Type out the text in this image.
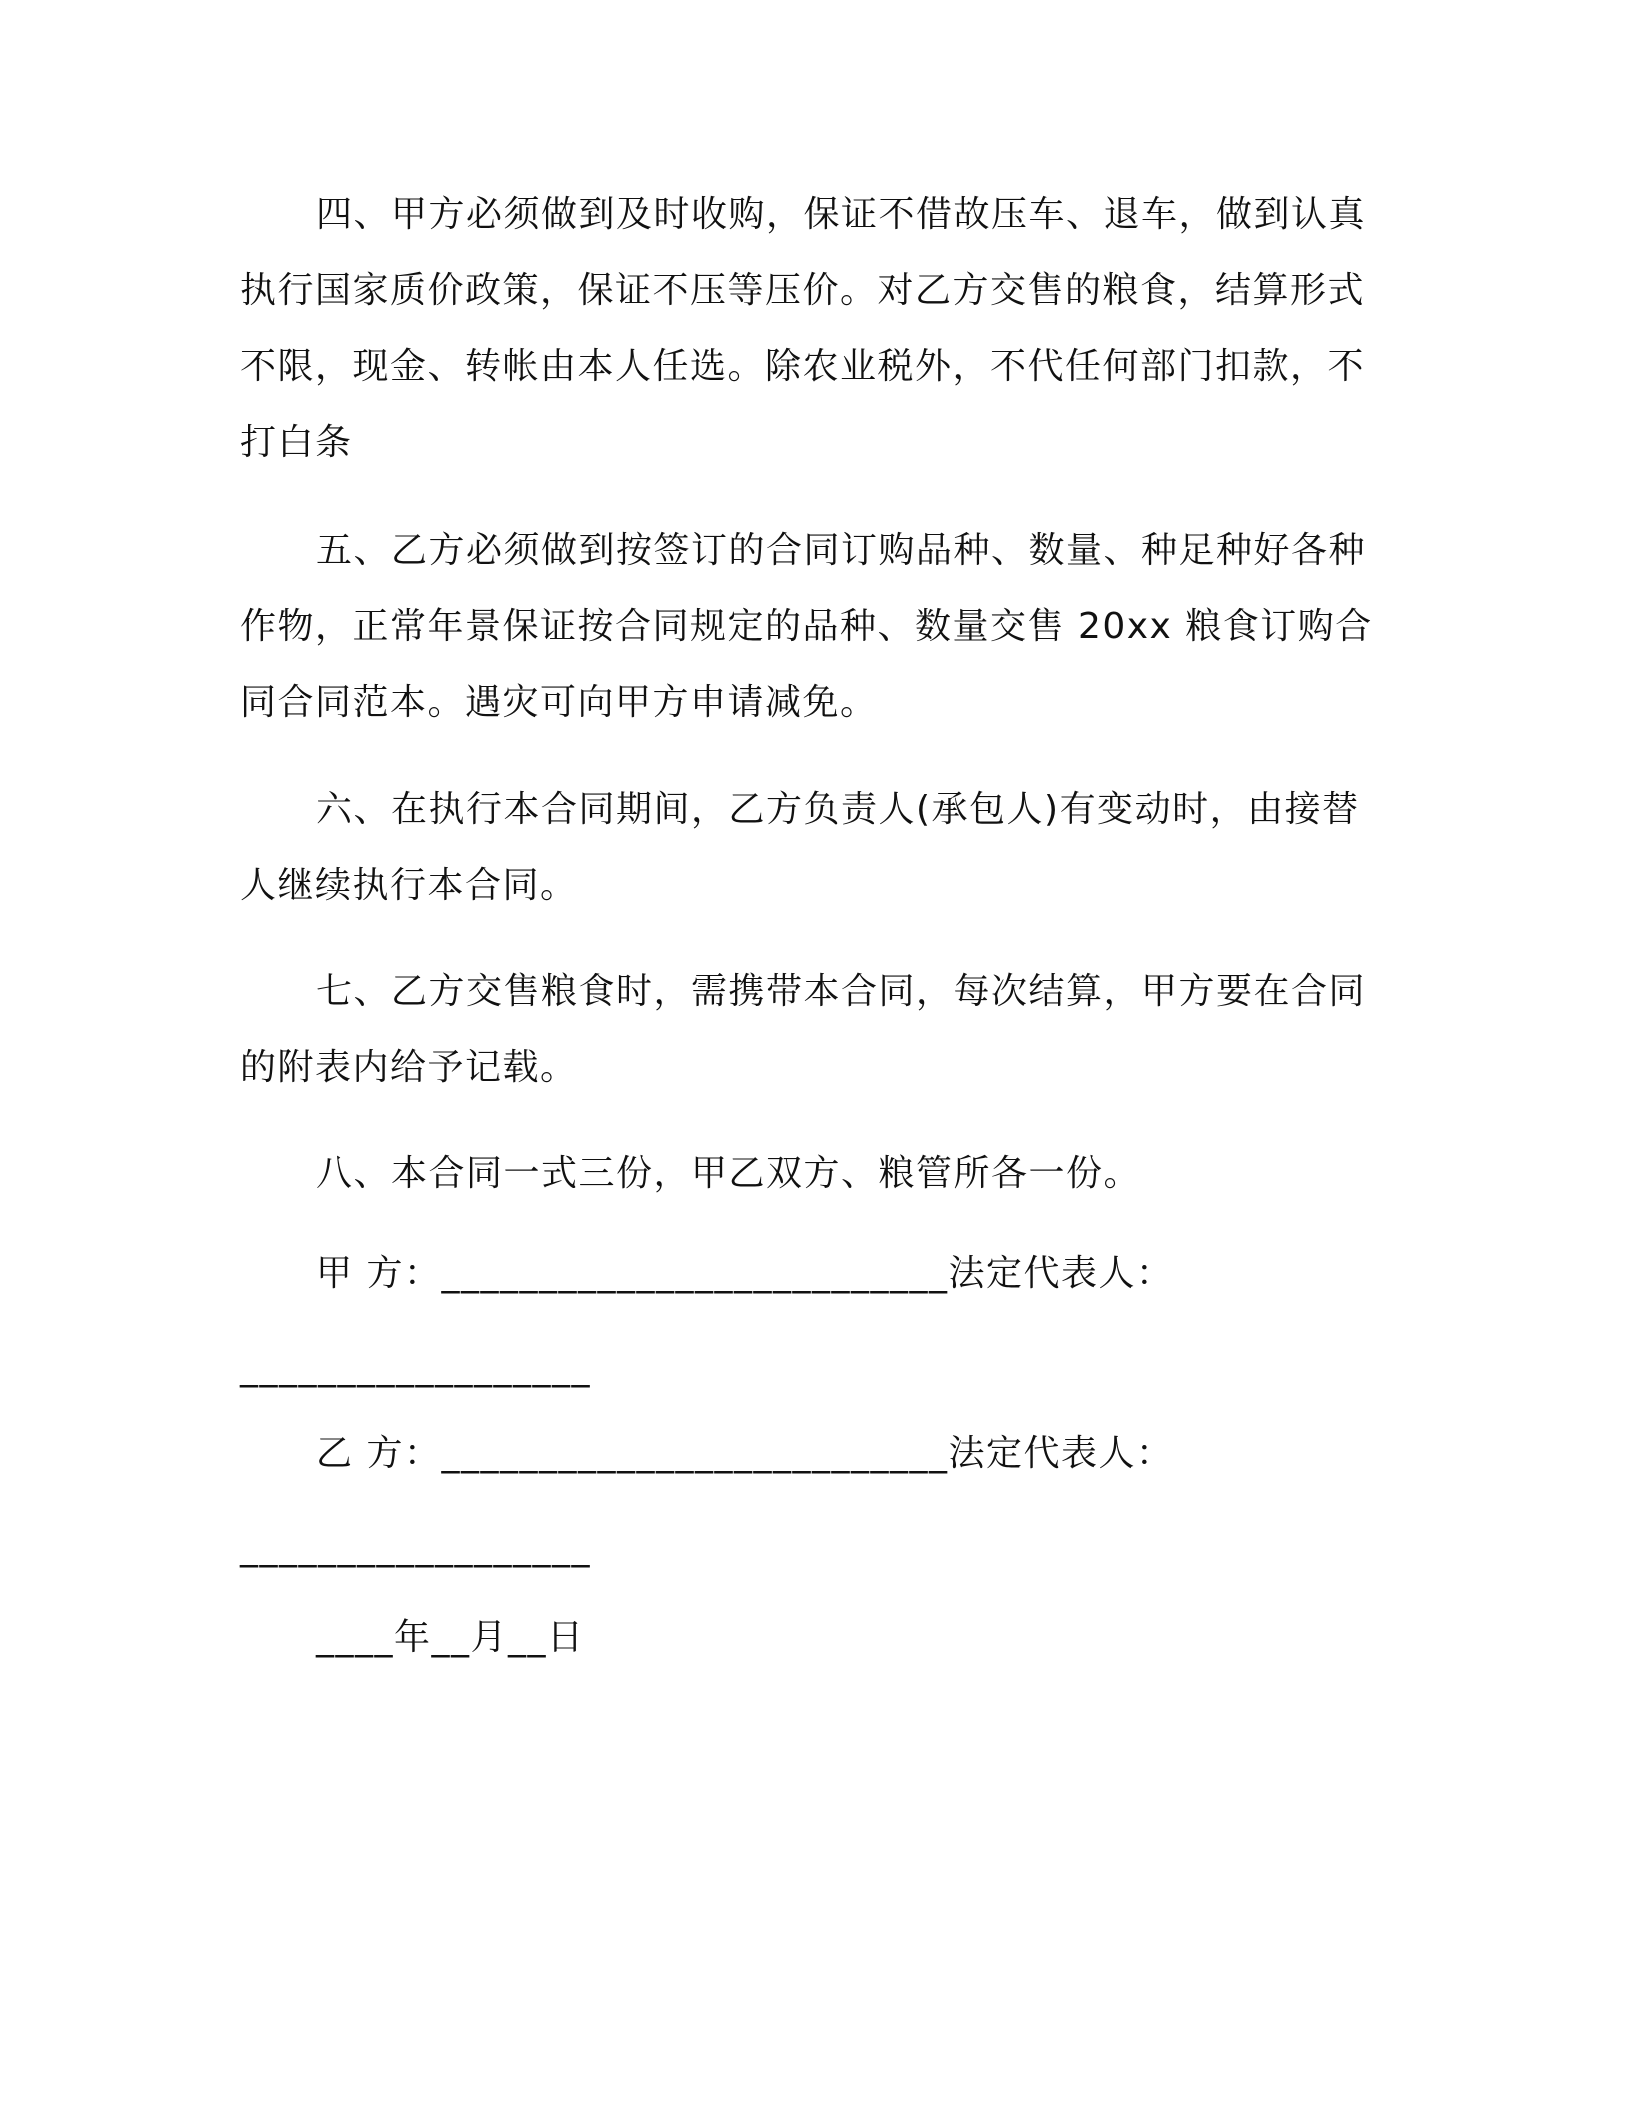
四、甲方必须做到及时收购，保证不借故压车、退车，做到认真执行国家质价政策，保证不压等压价。对乙方交售的粮食，结算形式不限，现金、转帐由本人任选。除农业税外，不代任何部门扣款，不打白条

五、乙方必须做到按签订的合同订购品种、数量、种足种好各种作物，正常年景保证按合同规定的品种、数量交售 20xx 粮食订购合同合同范本。遇灾可向甲方申请减免。

六、在执行本合同期间，乙方负责人(承包人)有变动时，由接替人继续执行本合同。

七、乙方交售粮食时，需携带本合同，每次结算，甲方要在合同的附表内给予记载。

八、本合同一式三份，甲乙双方、粮管所各一份。

甲 方：__________________________法定代表人：

__________________

乙 方：__________________________法定代表人：

__________________

____年__月__日
